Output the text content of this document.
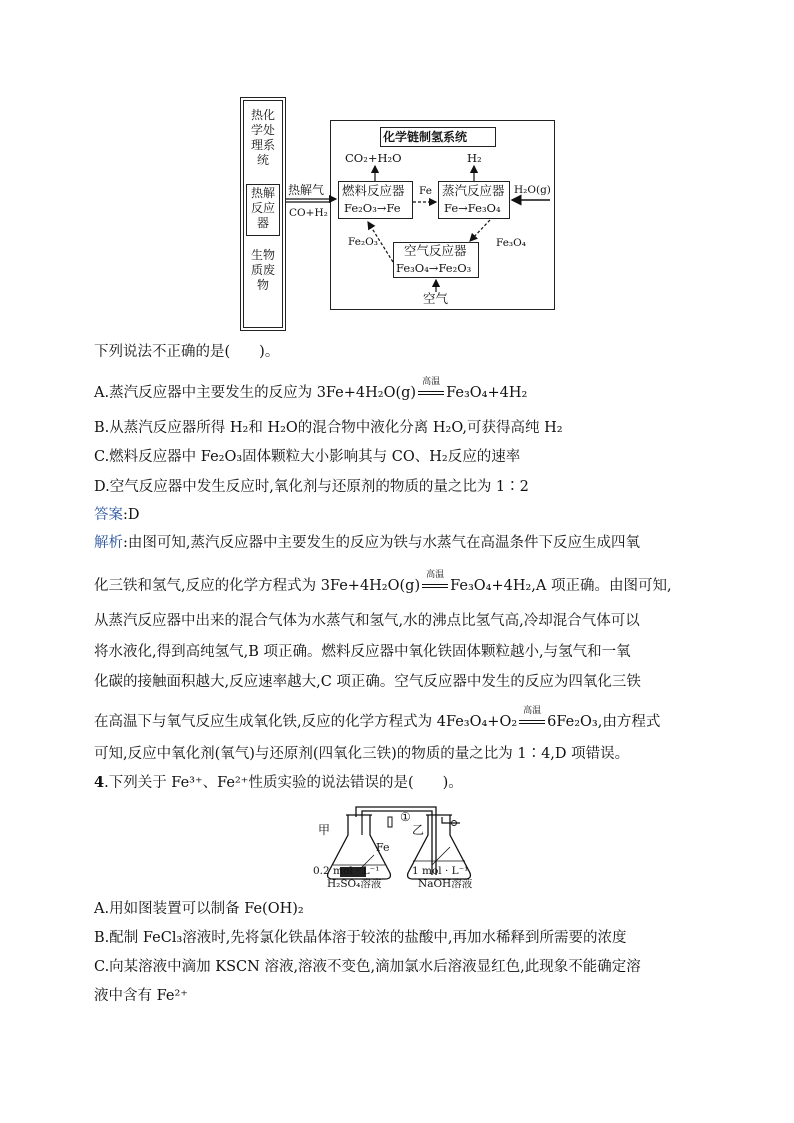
热化学处理系统
热解反应器
生物质废物
化学链制氢系统
燃料反应器
Fe₂O₃→Fe
CO₂+H₂O
蒸汽反应器
Fe→Fe₃O₄
H₂
H₂O(g)
空气反应器
Fe₃O₄→Fe₂O₃
空气
热解气
CO+H₂
Fe
Fe₂O₃	Fe₃O₄
下列说法不正确的是(　　)。
A.蒸汽反应器中主要发生的反应为 3Fe+4H₂O(g)
高温
Fe₃O₄+4H₂
B.从蒸汽反应器所得 H₂和 H₂O的混合物中液化分离 H₂O,可获得高纯 H₂
C.燃料反应器中 Fe₂O₃固体颗粒大小影响其与 CO、H₂反应的速率
D.空气反应器中发生反应时,氧化剂与还原剂的物质的量之比为 1∶2
答案:D
解析:由图可知,蒸汽反应器中主要发生的反应为铁与水蒸气在高温条件下反应生成四氧
化三铁和氢气,反应的化学方程式为 3Fe+4H₂O(g)
高温
Fe₃O₄+4H₂,A 项正确。由图可知,
从蒸汽反应器中出来的混合气体为水蒸气和氢气,水的沸点比氢气高,冷却混合气体可以
将水液化,得到高纯氢气,B 项正确。燃料反应器中氧化铁固体颗粒越小,与氢气和一氧
化碳的接触面积越大,反应速率越大,C 项正确。空气反应器中发生的反应为四氧化三铁
在高温下与氧气反应生成氧化铁,反应的化学方程式为 4Fe₃O₄+O₂
高温
6Fe₂O₃,由方程式
可知,反应中氧化剂(氧气)与还原剂(四氧化三铁)的物质的量之比为 1∶4,D 项错误。
4.下列关于 Fe³⁺、Fe²⁺性质实验的说法错误的是(　　)。
甲	乙
①
Fe
0.2 mol · L⁻¹
H₂SO₄溶液
1 mol · L⁻¹
NaOH溶液
A.用如图装置可以制备 Fe(OH)₂
B.配制 FeCl₃溶液时,先将氯化铁晶体溶于较浓的盐酸中,再加水稀释到所需要的浓度
C.向某溶液中滴加 KSCN 溶液,溶液不变色,滴加氯水后溶液显红色,此现象不能确定溶
液中含有 Fe²⁺
